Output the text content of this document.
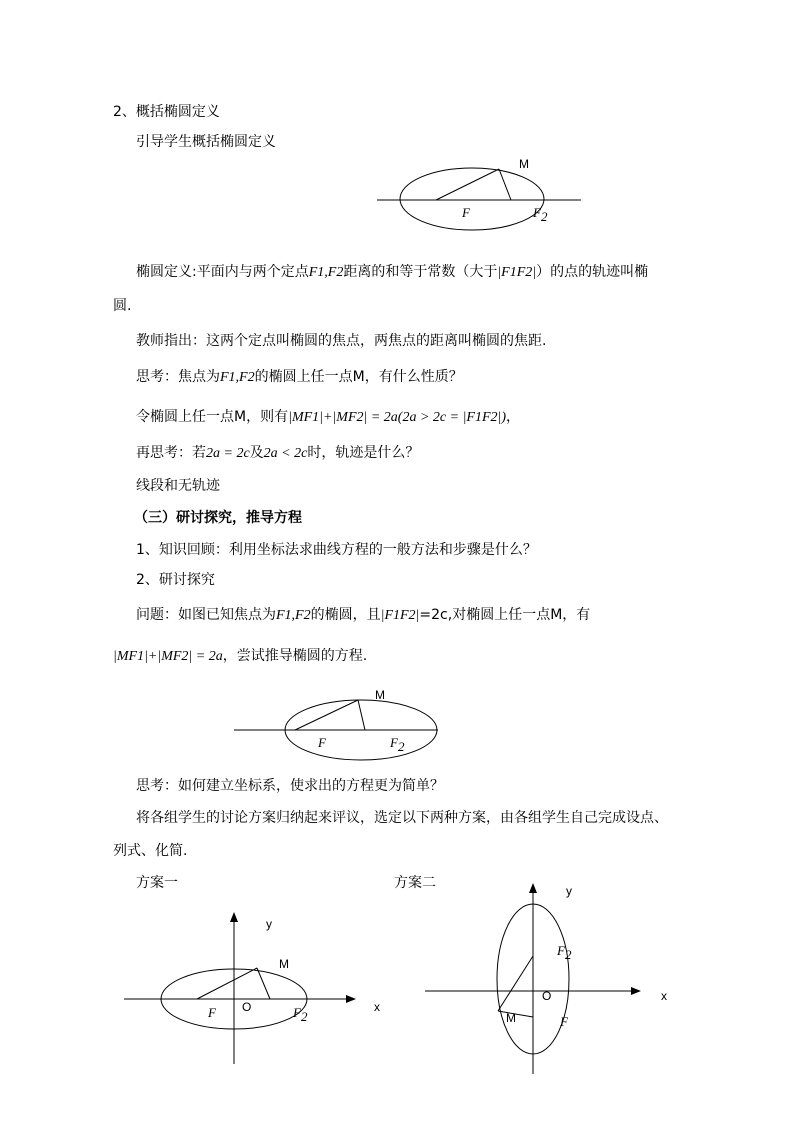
2、概括椭圆定义
引导学生概括椭圆定义
M
F	F 2
椭圆定义:平面内与两个定点F1,F2距离的和等于常数（大于|F1F2|）的点的轨迹叫椭
圆.
教师指出：这两个定点叫椭圆的焦点，两焦点的距离叫椭圆的焦距.
思考：焦点为F1,F2的椭圆上任一点M，有什么性质？
令椭圆上任一点M，则有|MF1|+|MF2| = 2a(2a > 2c = |F1F2|)，
再思考：若2a = 2c及2a < 2c时，轨迹是什么？
线段和无轨迹
（三）研讨探究，推导方程
1、知识回顾：利用坐标法求曲线方程的一般方法和步骤是什么？
2、研讨探究
问题：如图已知焦点为F1,F2的椭圆，且|F1F2|=2c,对椭圆上任一点M，有
|MF1|+|MF2| = 2a，尝试推导椭圆的方程.
M
F	F 2
思考：如何建立坐标系，使求出的方程更为简单？
将各组学生的讨论方案归纳起来评议，选定以下两种方案，由各组学生自己完成设点、
列式、化简.
方案一	方案二
M
F O	F 2
x
y
y
F 2
O	x
M	F
